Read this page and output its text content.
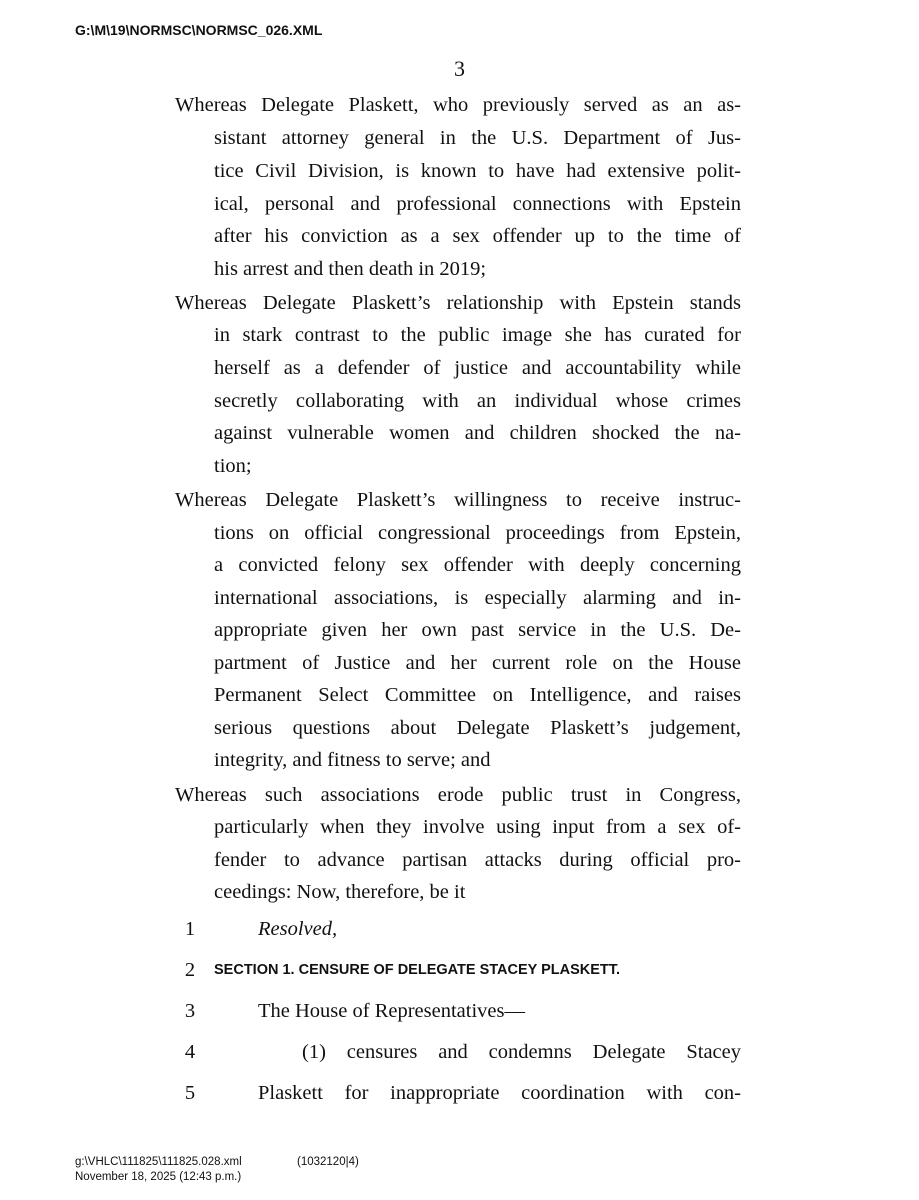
G:\M\19\NORMSC\NORMSC_026.XML
3
Whereas Delegate Plaskett, who previously served as an as-
sistant attorney general in the U.S. Department of Jus-
tice Civil Division, is known to have had extensive polit-
ical, personal and professional connections with Epstein
after his conviction as a sex offender up to the time of
his arrest and then death in 2019;
Whereas Delegate Plaskett’s relationship with Epstein stands
in stark contrast to the public image she has curated for
herself as a defender of justice and accountability while
secretly collaborating with an individual whose crimes
against vulnerable women and children shocked the na-
tion;
Whereas Delegate Plaskett’s willingness to receive instruc-
tions on official congressional proceedings from Epstein,
a convicted felony sex offender with deeply concerning
international associations, is especially alarming and in-
appropriate given her own past service in the U.S. De-
partment of Justice and her current role on the House
Permanent Select Committee on Intelligence, and raises
serious questions about Delegate Plaskett’s judgement,
integrity, and fitness to serve; and
Whereas such associations erode public trust in Congress,
particularly when they involve using input from a sex of-
fender to advance partisan attacks during official pro-
ceedings: Now, therefore, be it
1	Resolved,
2	SECTION 1. CENSURE OF DELEGATE STACEY PLASKETT.
3	The House of Representatives—
4	(1) censures and condemns Delegate Stacey
5	Plaskett for inappropriate coordination with con-
g:\VHLC\111825\111825.028.xml	(1032120|4)
November 18, 2025 (12:43 p.m.)
